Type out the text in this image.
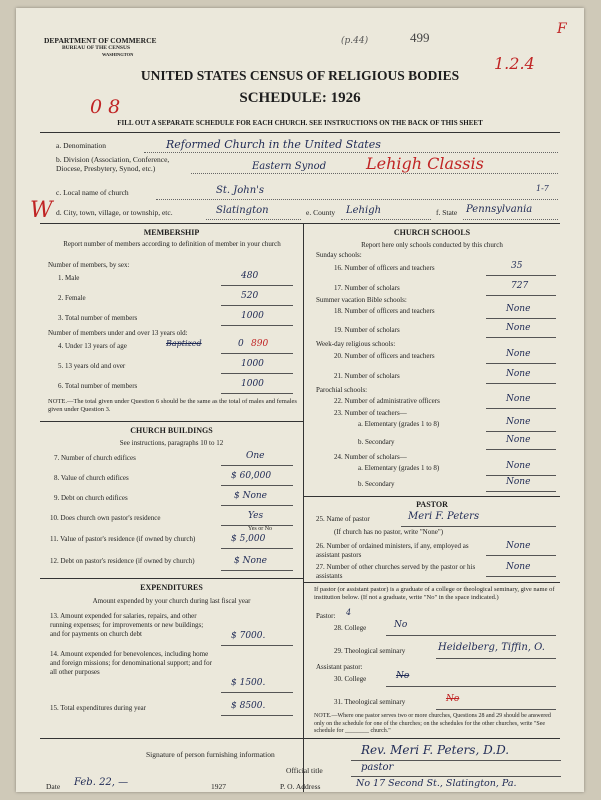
DEPARTMENT OF COMMERCE
BUREAU OF THE CENSUS
WASHINGTON
(p.44)	499
1.2.4
F
UNITED STATES CENSUS OF RELIGIOUS BODIES
SCHEDULE: 1926
0 8
FILL OUT A SEPARATE SCHEDULE FOR EACH CHURCH. SEE INSTRUCTIONS ON THE BACK OF THIS SHEET
a. Denomination	Reformed Church in the United States
b. Division (Association, Conference, Diocese, Presbytery, Synod, etc.)	Eastern Synod Lehigh Classis
c. Local name of church	St. John's	1-7
W d. City, town, village, or township, etc.	Slatington	e. County Lehigh	f. State Pennsylvania
MEMBERSHIP
Report number of members according to definition of member in your church
Number of members, by sex:
1. Male	480
2. Female	520
3. Total number of members	1000
Number of members under and over 13 years old:
4. Under 13 years of age	Baptized	0 890
5. 13 years old and over	1000
6. Total number of members	1000
NOTE.—The total given under Question 6 should be the same as the total of males and females given under Question 3.
CHURCH BUILDINGS
See instructions, paragraphs 10 to 12
7. Number of church edifices	One
8. Value of church edifices	$ 60,000
9. Debt on church edifices	$ None
10. Does church own pastor's residence	Yes
Yes or No
11. Value of pastor's residence (if owned by church)	$ 5,000
12. Debt on pastor's residence (if owned by church)	$ None
EXPENDITURES
Amount expended by your church during last fiscal year
13. Amount expended for salaries, repairs, and other running expenses; for improvements or new buildings; and for payments on church debt	$ 7000.
14. Amount expended for benevolences, including home and foreign missions; for denominational support; and for all other purposes
$ 1500.
15. Total expenditures during year	$ 8500.
CHURCH SCHOOLS
Report here only schools conducted by this church
Sunday schools:
16. Number of officers and teachers	35
17. Number of scholars	727
Summer vacation Bible schools:
18. Number of officers and teachers	None
19. Number of scholars	None
Week-day religious schools:
20. Number of officers and teachers	None
21. Number of scholars	None
Parochial schools:
22. Number of administrative officers	None
23. Number of teachers—
a. Elementary (grades 1 to 8)	None
b. Secondary	None
24. Number of scholars—
a. Elementary (grades 1 to 8)	None
b. Secondary	None
PASTOR
25. Name of pastor	Meri F. Peters
(If church has no pastor, write "None")
26. Number of ordained ministers, if any, employed as assistant pastors
None
27. Number of other churches served by the pastor or his assistants
None
If pastor (or assistant pastor) is a graduate of a college or theological seminary, give name of institution below. (If not a graduate, write "No" in the space indicated.)
Pastor: 4
28. College	No
29. Theological seminary	Heidelberg, Tiffin, O.
Assistant pastor:
30. College	No
31. Theological seminary	No
NOTE.—Where one pastor serves two or more churches, Questions 28 and 29 should be answered only on the schedule for one of the churches; on the schedules for the other churches, write "See schedule for ________ church."
Signature of person furnishing information	Rev. Meri F. Peters, D.D.
Official title	pastor
Date Feb. 22, —	1927	P. O. Address	No 17 Second St., Slatington, Pa.
